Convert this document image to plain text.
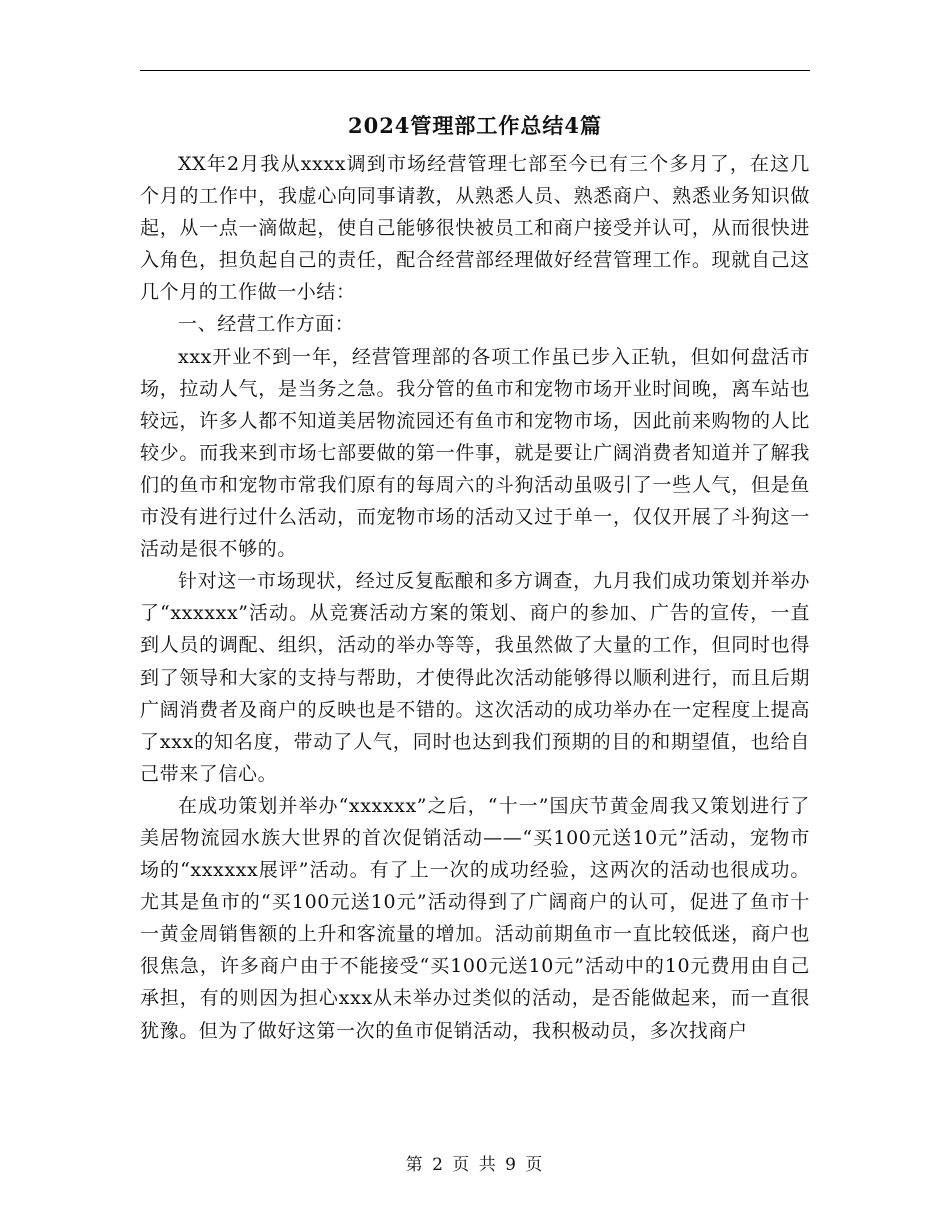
2024管理部工作总结4篇

XX年2月我从xxxx调到市场经营管理七部至今已有三个多月了，在这几个月的工作中，我虚心向同事请教，从熟悉人员、熟悉商户、熟悉业务知识做起，从一点一滴做起，使自己能够很快被员工和商户接受并认可，从而很快进入角色，担负起自己的责任，配合经营部经理做好经营管理工作。现就自己这几个月的工作做一小结：

一、经营工作方面：

xxx开业不到一年，经营管理部的各项工作虽已步入正轨，但如何盘活市场，拉动人气，是当务之急。我分管的鱼市和宠物市场开业时间晚，离车站也较远，许多人都不知道美居物流园还有鱼市和宠物市场，因此前来购物的人比较少。而我来到市场七部要做的第一件事，就是要让广阔消费者知道并了解我们的鱼市和宠物市常我们原有的每周六的斗狗活动虽吸引了一些人气，但是鱼市没有进行过什么活动，而宠物市场的活动又过于单一，仅仅开展了斗狗这一活动是很不够的。

针对这一市场现状，经过反复酝酿和多方调查，九月我们成功策划并举办了“xxxxxx”活动。从竞赛活动方案的策划、商户的参加、广告的宣传，一直到人员的调配、组织，活动的举办等等，我虽然做了大量的工作，但同时也得到了领导和大家的支持与帮助，才使得此次活动能够得以顺利进行，而且后期广阔消费者及商户的反映也是不错的。这次活动的成功举办在一定程度上提高了xxx的知名度，带动了人气，同时也达到我们预期的目的和期望值，也给自己带来了信心。

在成功策划并举办“xxxxxx”之后，“十一”国庆节黄金周我又策划进行了美居物流园水族大世界的首次促销活动——“买100元送10元”活动，宠物市场的“xxxxxx展评”活动。有了上一次的成功经验，这两次的活动也很成功。尤其是鱼市的“买100元送10元”活动得到了广阔商户的认可，促进了鱼市十一黄金周销售额的上升和客流量的增加。活动前期鱼市一直比较低迷，商户也很焦急，许多商户由于不能接受“买100元送10元”活动中的10元费用由自己承担，有的则因为担心xxx从未举办过类似的活动，是否能做起来，而一直很犹豫。但为了做好这第一次的鱼市促销活动，我积极动员，多次找商户

第 2 页 共 9 页
